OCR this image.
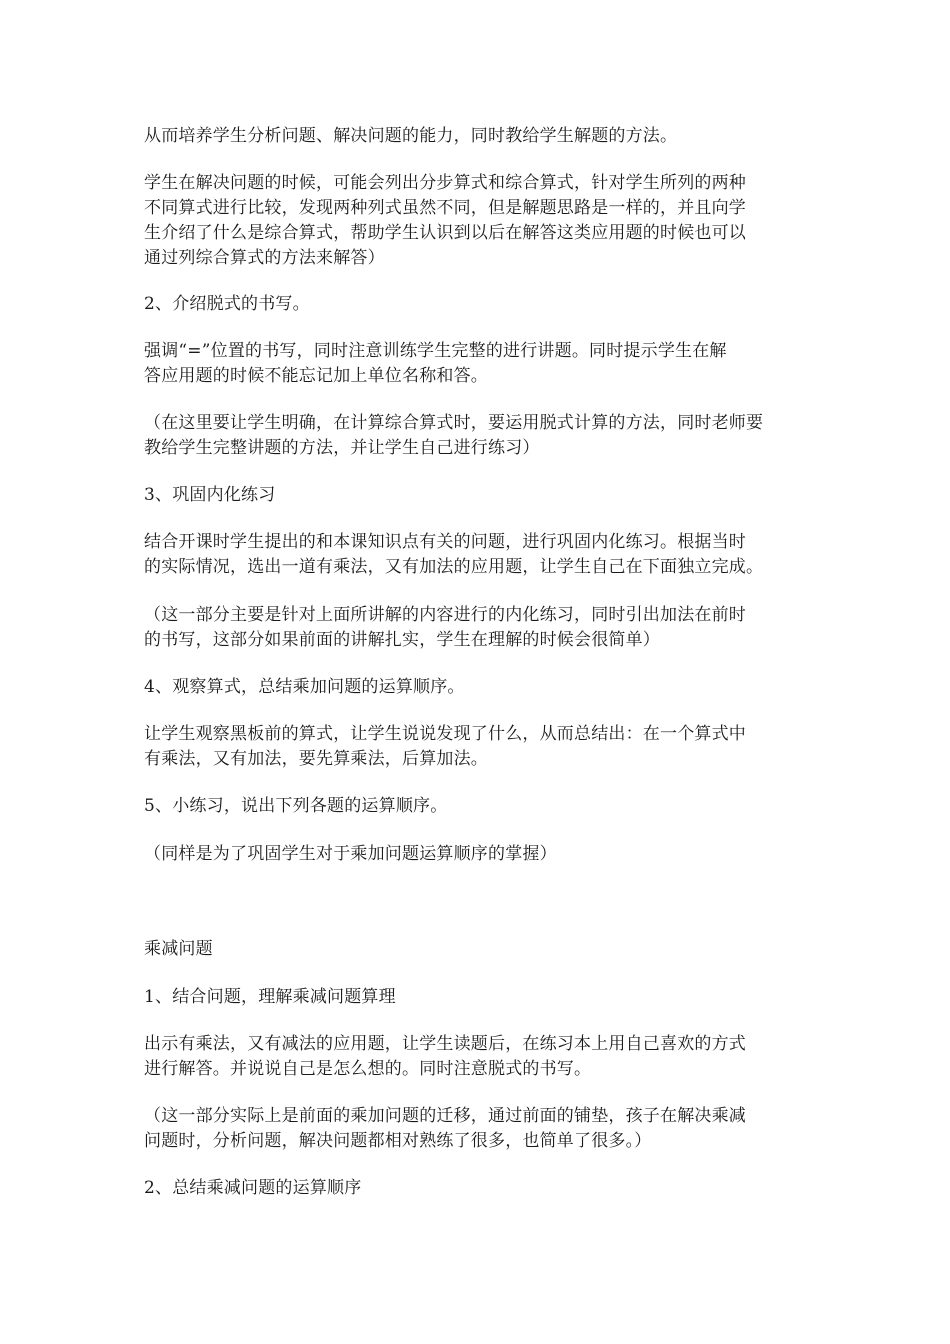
从而培养学生分析问题、解决问题的能力，同时教给学生解题的方法。

学生在解决问题的时候，可能会列出分步算式和综合算式，针对学生所列的两种
不同算式进行比较，发现两种列式虽然不同，但是解题思路是一样的，并且向学
生介绍了什么是综合算式，帮助学生认识到以后在解答这类应用题的时候也可以
通过列综合算式的方法来解答）

2、介绍脱式的书写。

强调“=”位置的书写，同时注意训练学生完整的进行讲题。同时提示学生在解
答应用题的时候不能忘记加上单位名称和答。

（在这里要让学生明确，在计算综合算式时，要运用脱式计算的方法，同时老师要
教给学生完整讲题的方法，并让学生自己进行练习）

3、巩固内化练习

结合开课时学生提出的和本课知识点有关的问题，进行巩固内化练习。根据当时
的实际情况，选出一道有乘法，又有加法的应用题，让学生自己在下面独立完成。

（这一部分主要是针对上面所讲解的内容进行的内化练习，同时引出加法在前时
的书写，这部分如果前面的讲解扎实，学生在理解的时候会很简单）

4、观察算式，总结乘加问题的运算顺序。

让学生观察黑板前的算式，让学生说说发现了什么，从而总结出：在一个算式中
有乘法，又有加法，要先算乘法，后算加法。

5、小练习，说出下列各题的运算顺序。

（同样是为了巩固学生对于乘加问题运算顺序的掌握）

乘减问题

1、结合问题，理解乘减问题算理

出示有乘法，又有减法的应用题，让学生读题后，在练习本上用自己喜欢的方式
进行解答。并说说自己是怎么想的。同时注意脱式的书写。

（这一部分实际上是前面的乘加问题的迁移，通过前面的铺垫，孩子在解决乘减
问题时，分析问题，解决问题都相对熟练了很多，也简单了很多。）

2、总结乘减问题的运算顺序
